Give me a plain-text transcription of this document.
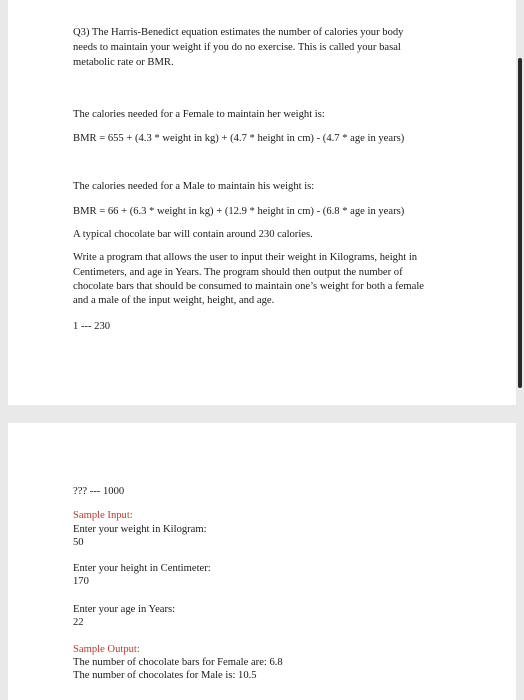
Q3) The Harris-Benedict equation estimates the number of calories your body
needs to maintain your weight if you do no exercise. This is called your basal
metabolic rate or BMR.
The calories needed for a Female to maintain her weight is:
BMR = 655 + (4.3 * weight in kg) + (4.7 * height in cm) - (4.7 * age in years)
The calories needed for a Male to maintain his weight is:
BMR = 66 + (6.3 * weight in kg) + (12.9 * height in cm) - (6.8 * age in years)
A typical chocolate bar will contain around 230 calories.
Write a program that allows the user to input their weight in Kilograms, height in
Centimeters, and age in Years. The program should then output the number of
chocolate bars that should be consumed to maintain one’s weight for both a female
and a male of the input weight, height, and age.
1 --- 230
??? --- 1000
Sample Input:
Enter your weight in Kilogram:
50
Enter your height in Centimeter:
170
Enter your age in Years:
22
Sample Output:
The number of chocolate bars for Female are: 6.8
The number of chocolates for Male is: 10.5
